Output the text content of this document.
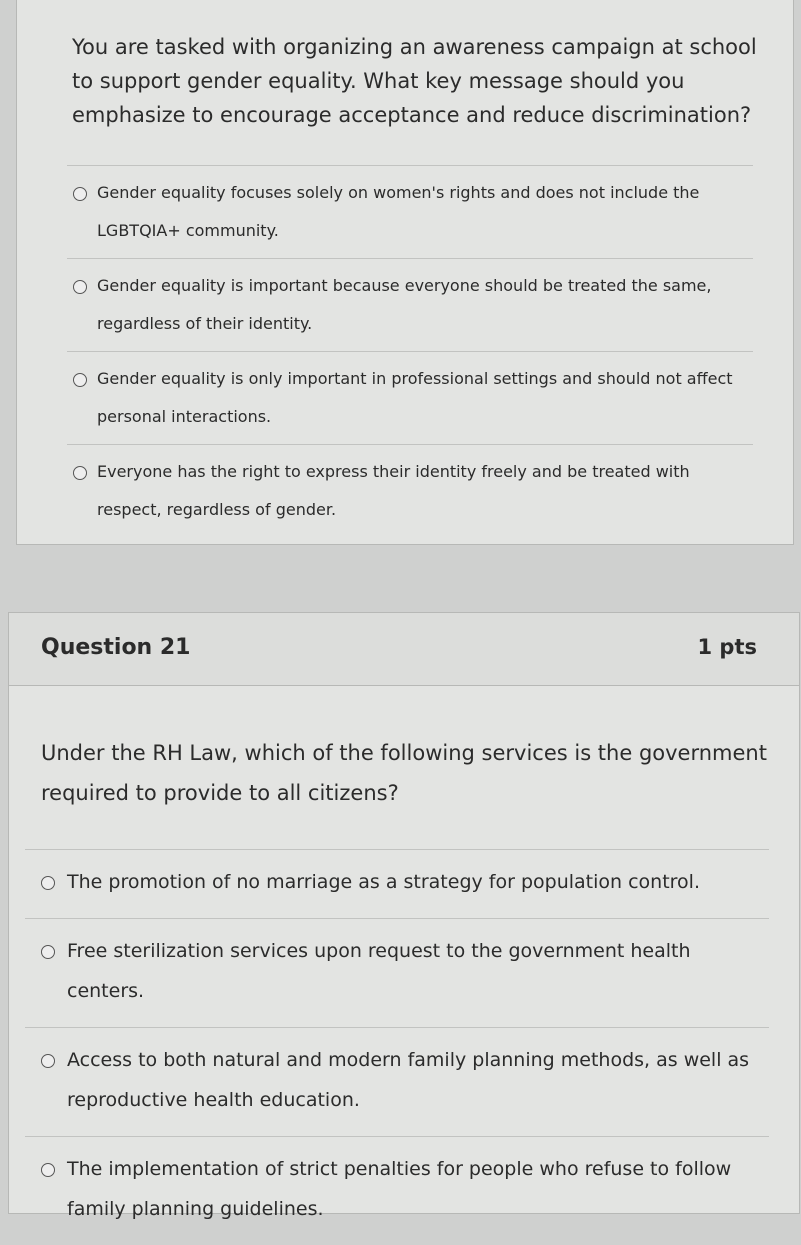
You are tasked with organizing an awareness campaign at school to support gender equality. What key message should you emphasize to encourage acceptance and reduce discrimination?
Gender equality focuses solely on women's rights and does not include the LGBTQIA+ community.
Gender equality is important because everyone should be treated the same, regardless of their identity.
Gender equality is only important in professional settings and should not affect personal interactions.
Everyone has the right to express their identity freely and be treated with respect, regardless of gender.
Question 21	1 pts
Under the RH Law, which of the following services is the government required to provide to all citizens?
The promotion of no marriage as a strategy for population control.
Free sterilization services upon request to the government health centers.
Access to both natural and modern family planning methods, as well as reproductive health education.
The implementation of strict penalties for people who refuse to follow family planning guidelines.
